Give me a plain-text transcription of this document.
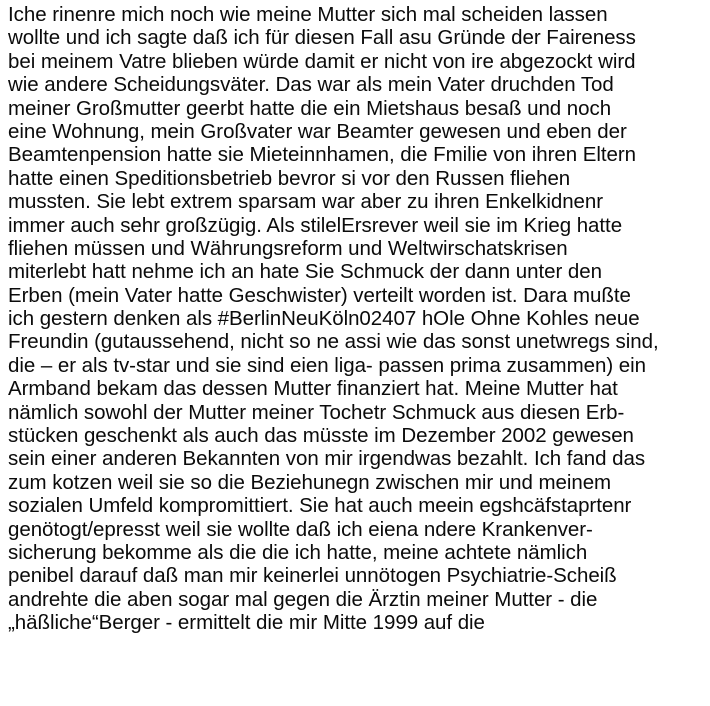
Iche rinenre mich noch wie meine Mutter sich mal scheiden lassen
wollte und ich sagte daß ich für diesen Fall asu Gründe der Faireness
bei meinem Vatre blieben würde damit er nicht von ire abgezockt wird
wie andere Scheidungsväter. Das war als mein Vater druchden Tod
meiner Großmutter geerbt hatte die ein Mietshaus besaß und noch
eine Wohnung, mein Großvater war Beamter gewesen und eben der
Beamtenpension hatte sie Mieteinnhamen, die Fmilie von ihren Eltern
hatte einen Speditionsbetrieb bevror si vor den Russen fliehen
mussten. Sie lebt extrem sparsam war aber zu ihren Enkelkidnenr
immer auch sehr großzügig. Als stilelErsrever weil sie im Krieg hatte
fliehen müssen und Währungsreform und Weltwirschatskrisen
miterlebt hatt nehme ich an hate Sie Schmuck der dann unter den
Erben (mein Vater hatte Geschwister) verteilt worden ist. Dara mußte
ich gestern denken als #BerlinNeuKöln02407 hOle Ohne Kohles neue
Freundin (gutaussehend, nicht so ne assi wie das sonst unetwregs sind,
die – er als tv-star und sie sind eien liga- passen prima zusammen) ein
Armband bekam das dessen Mutter finanziert hat. Meine Mutter hat
nämlich sowohl der Mutter meiner Tochetr Schmuck aus diesen Erb-
stücken geschenkt als auch das müsste im Dezember 2002 gewesen
sein einer anderen Bekannten von mir irgendwas bezahlt. Ich fand das
zum kotzen weil sie so die Beziehunegn zwischen mir und meinem
sozialen Umfeld kompromittiert. Sie hat auch meein egshcäfstaprtenr
genötogt/epresst weil sie wollte daß ich eiena ndere Krankenver-
sicherung bekomme als die die ich hatte, meine achtete nämlich
penibel darauf daß man mir keinerlei unnötogen Psychiatrie-Scheiß
andrehte die aben sogar mal gegen die Ärztin meiner Mutter - die
„häßliche“Berger - ermittelt die mir Mitte 1999 auf die
